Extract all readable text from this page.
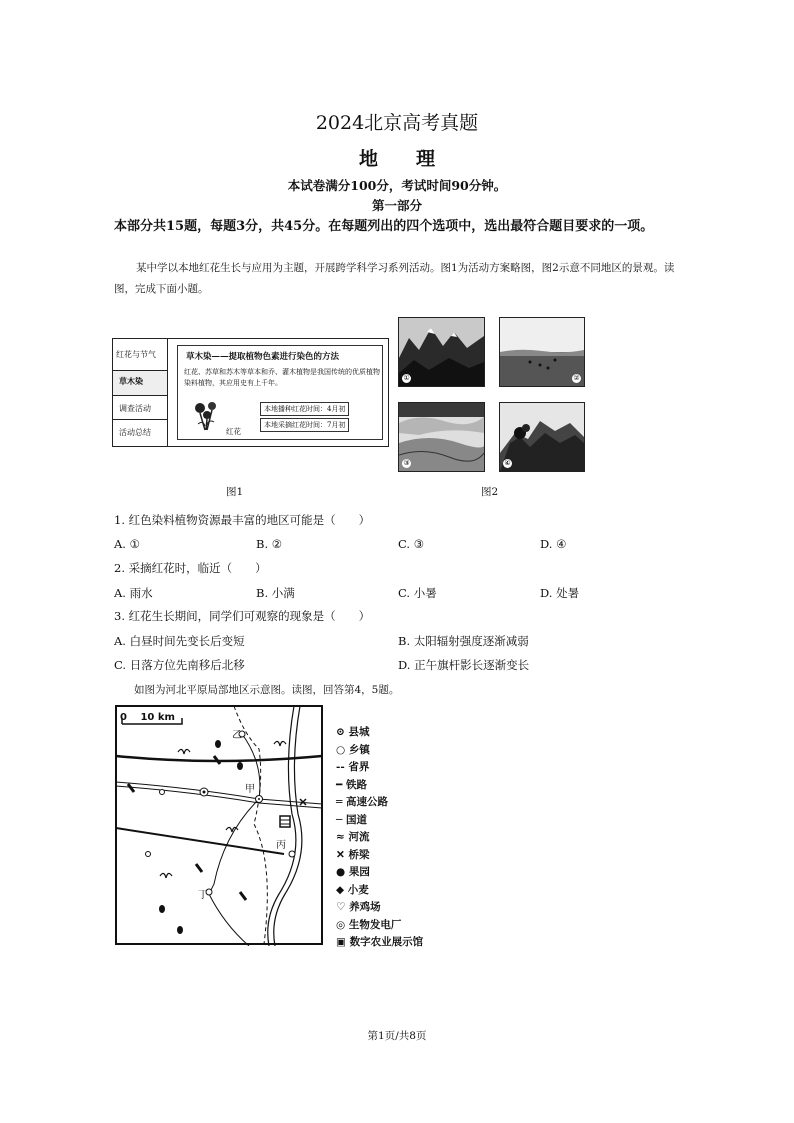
2024北京高考真题
地　　理
本试卷满分100分，考试时间90分钟。
第一部分
本部分共15题，每题3分，共45分。在每题列出的四个选项中，选出最符合题目要求的一项。
某中学以本地红花生长与应用为主题，开展跨学科学习系列活动。图1为活动方案略图，图2示意不同地区的景观。读图，完成下面小题。
红花与节气
草木染
调查活动
活动总结
草木染——提取植物色素进行染色的方法
红花、苏草和苏木等草本和乔、灌木植物是我国传统的优质植物染料植物，其应用史有上千年。
红花
本地播种红花时间：4月初
本地采摘红花时间：7月初
图1
①	②
③	④
图2
1. 红色染料植物资源最丰富的地区可能是（　　）
A. ①	B. ②	C. ③	D. ④
2. 采摘红花时，临近（　　）
A. 雨水	B. 小满	C. 小暑	D. 处暑
3. 红花生长期间，同学们可观察的现象是（　　）
A. 白昼时间先变长后变短	B. 太阳辐射强度逐渐减弱
C. 日落方位先南移后北移	D. 正午旗杆影长逐渐变长
如图为河北平原局部地区示意图。读图，回答第4，5题。
0　 10 km
甲
乙
丙
丁
⊙ 县城
○ 乡镇
-- 省界
━ 铁路
═ 高速公路
─ 国道
≈ 河流
✕ 桥梁
● 果园
◆ 小麦
♡ 养鸡场
◎ 生物发电厂
▣ 数字农业展示馆
第1页/共8页
